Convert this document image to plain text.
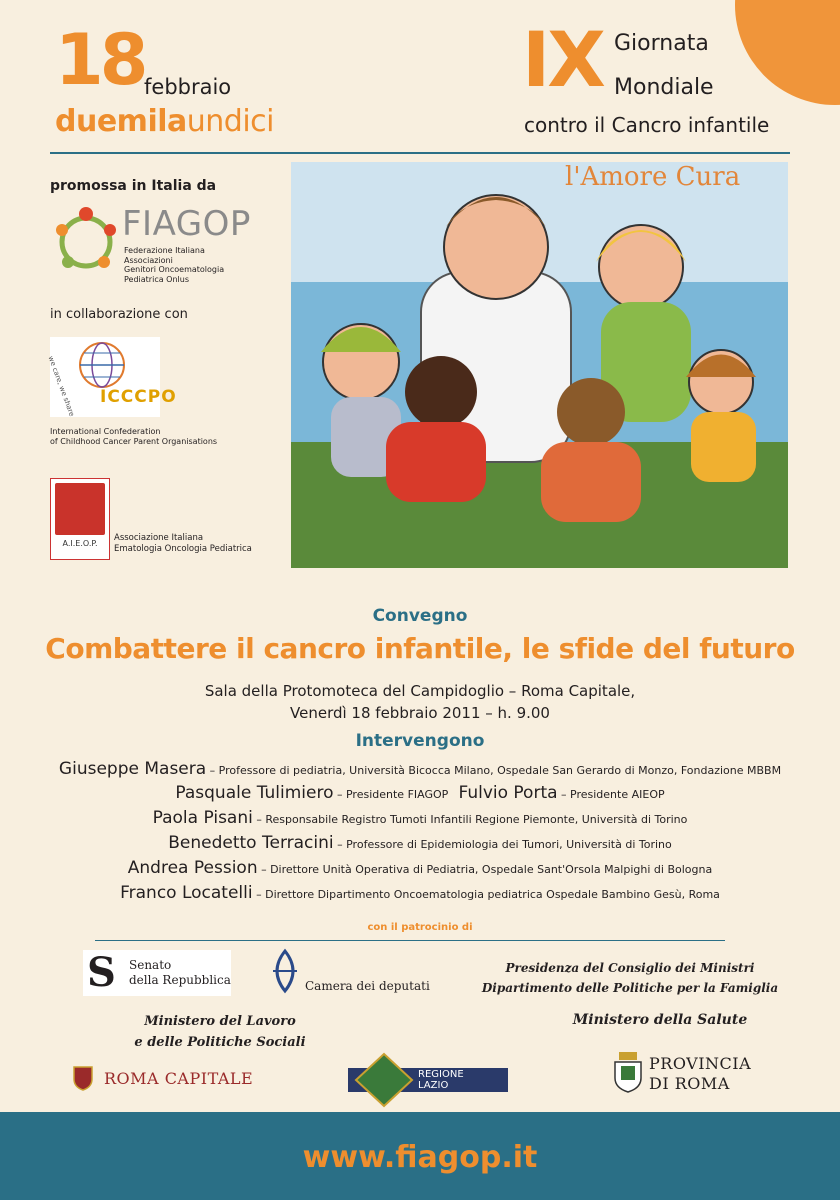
18 febbraio
duemilaundici
IX Giornata
Mondiale
contro il Cancro infantile
promossa in Italia da
FIAGOP
Federazione Italiana Associazioni
Genitori Oncoematologia
Pediatrica Onlus
in collaborazione con
we care, we share ICCCPO
International Confederation
of Childhood Cancer Parent Organisations
A.I.E.O.P.
Associazione Italiana
Ematologia Oncologia Pediatrica
l'Amore Cura
Convegno
Combattere il cancro infantile, le sfide del futuro
Sala della Protomoteca del Campidoglio – Roma Capitale,
Venerdì 18 febbraio 2011 – h. 9.00
Intervengono
Giuseppe Masera – Professore di pediatria, Università Bicocca Milano, Ospedale San Gerardo di Monzo, Fondazione MBBM
Pasquale Tulimiero – Presidente FIAGOP Fulvio Porta – Presidente AIEOP
Paola Pisani – Responsabile Registro Tumoti Infantili Regione Piemonte, Università di Torino
Benedetto Terracini – Professore di Epidemiologia dei Tumori, Università di Torino
Andrea Pession – Direttore Unità Operativa di Pediatria, Ospedale Sant'Orsola Malpighi di Bologna
Franco Locatelli – Direttore Dipartimento Oncoematologia pediatrica Ospedale Bambino Gesù, Roma
con il patrocinio di
S Senato
della Repubblica	Camera dei deputati
Presidenza del Consiglio dei Ministri
Dipartimento delle Politiche per la Famiglia
Ministero del Lavoro
e delle Politiche Sociali
Ministero della Salute
ROMA CAPITALE	REGIONE
LAZIO
PROVINCIA
DI ROMA
www.fiagop.it
